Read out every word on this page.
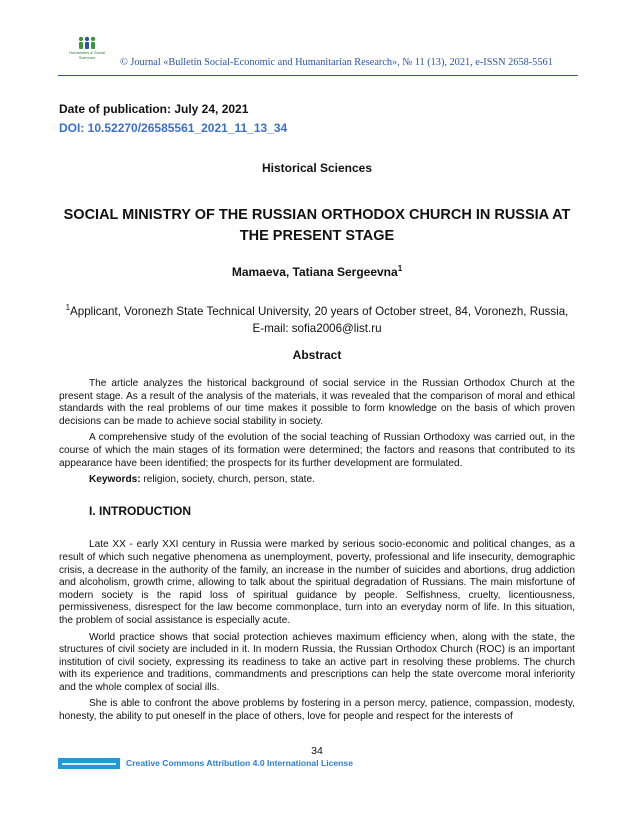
Humanities & Social
Sciences	© Journal «Bulletin Social-Economic and Humanitarian Research», № 11 (13), 2021, e-ISSN 2658-5561
Date of publication: July 24, 2021
DOI: 10.52270/26585561_2021_11_13_34
Historical Sciences
SOCIAL MINISTRY OF THE RUSSIAN ORTHODOX CHURCH IN RUSSIA AT
THE PRESENT STAGE
Mamaeva, Tatiana Sergeevna$^1$
$^1$Applicant, Voronezh State Technical University, 20 years of October street, 84, Voronezh, Russia,
E-mail: sofia2006@list.ru
Abstract

The article analyzes the historical background of social service in the Russian Orthodox Church at the present stage. As a result of the analysis of the materials, it was revealed that the comparison of moral and ethical standards with the real problems of our time makes it possible to form knowledge on the basis of which proven decisions can be made to achieve social stability in society.

A comprehensive study of the evolution of the social teaching of Russian Orthodoxy was carried out, in the course of which the main stages of its formation were determined; the factors and reasons that contributed to its appearance have been identified; the prospects for its further development are formulated.

Keywords: religion, society, church, person, state.

I. INTRODUCTION

Late XX - early XXI century in Russia were marked by serious socio-economic and political changes, as a result of which such negative phenomena as unemployment, poverty, professional and life insecurity, demographic crisis, a decrease in the authority of the family, an increase in the number of suicides and abortions, drug addiction and alcoholism, growth crime, allowing to talk about the spiritual degradation of Russians. The main misfortune of modern society is the rapid loss of spiritual guidance by people. Selfishness, cruelty, licentiousness, permissiveness, disrespect for the law become commonplace, turn into an everyday norm of life. In this situation, the problem of social assistance is especially acute.

World practice shows that social protection achieves maximum efficiency when, along with the state, the structures of civil society are included in it. In modern Russia, the Russian Orthodox Church (ROC) is an important institution of civil society, expressing its readiness to take an active part in resolving these problems. The church with its experience and traditions, commandments and prescriptions can help the state overcome moral inferiority and the whole complex of social ills.

She is able to confront the above problems by fostering in a person mercy, patience, compassion, modesty, honesty, the ability to put oneself in the place of others, love for people and respect for the interests of

34
Creative Commons Attribution 4.0 International License
